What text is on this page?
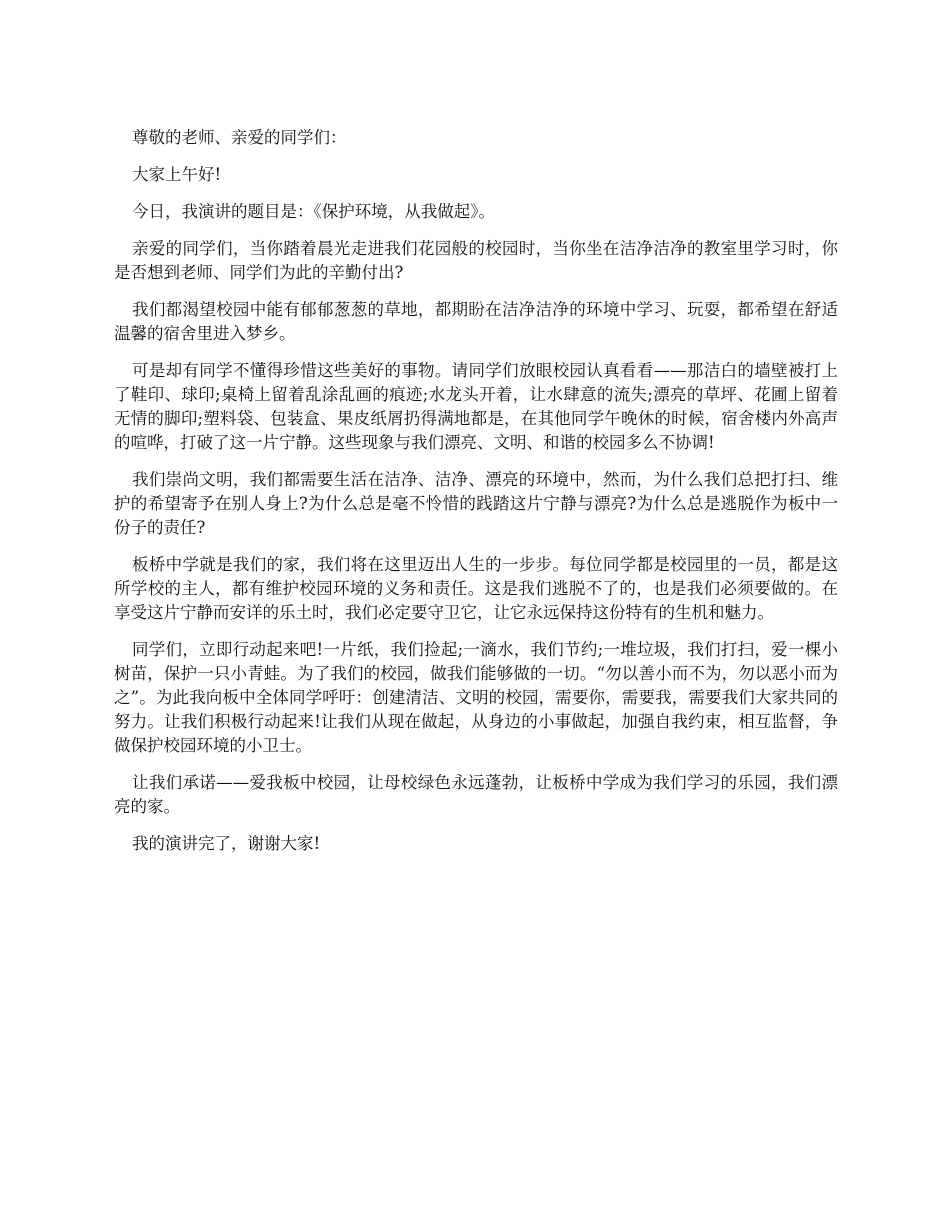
尊敬的老师、亲爱的同学们：

大家上午好!

今日，我演讲的题目是：《保护环境，从我做起》。

亲爱的同学们，当你踏着晨光走进我们花园般的校园时，当你坐在洁净洁净的教室里学习时，你是否想到老师、同学们为此的辛勤付出?

我们都渴望校园中能有郁郁葱葱的草地，都期盼在洁净洁净的环境中学习、玩耍，都希望在舒适温馨的宿舍里进入梦乡。

可是却有同学不懂得珍惜这些美好的事物。请同学们放眼校园认真看看——那洁白的墙壁被打上了鞋印、球印;桌椅上留着乱涂乱画的痕迹;水龙头开着，让水肆意的流失;漂亮的草坪、花圃上留着无情的脚印;塑料袋、包装盒、果皮纸屑扔得满地都是，在其他同学午晚休的时候，宿舍楼内外高声的喧哗，打破了这一片宁静。这些现象与我们漂亮、文明、和谐的校园多么不协调!

我们崇尚文明，我们都需要生活在洁净、洁净、漂亮的环境中，然而，为什么我们总把打扫、维护的希望寄予在别人身上?为什么总是毫不怜惜的践踏这片宁静与漂亮?为什么总是逃脱作为板中一份子的责任?

板桥中学就是我们的家，我们将在这里迈出人生的一步步。每位同学都是校园里的一员，都是这所学校的主人，都有维护校园环境的义务和责任。这是我们逃脱不了的，也是我们必须要做的。在享受这片宁静而安详的乐土时，我们必定要守卫它，让它永远保持这份特有的生机和魅力。

同学们，立即行动起来吧!一片纸，我们捡起;一滴水，我们节约;一堆垃圾，我们打扫，爱一棵小树苗，保护一只小青蛙。为了我们的校园，做我们能够做的一切。“勿以善小而不为，勿以恶小而为之”。为此我向板中全体同学呼吁：创建清洁、文明的校园，需要你，需要我，需要我们大家共同的努力。让我们积极行动起来!让我们从现在做起，从身边的小事做起，加强自我约束，相互监督，争做保护校园环境的小卫士。

让我们承诺——爱我板中校园，让母校绿色永远蓬勃，让板桥中学成为我们学习的乐园，我们漂亮的家。

我的演讲完了，谢谢大家!
